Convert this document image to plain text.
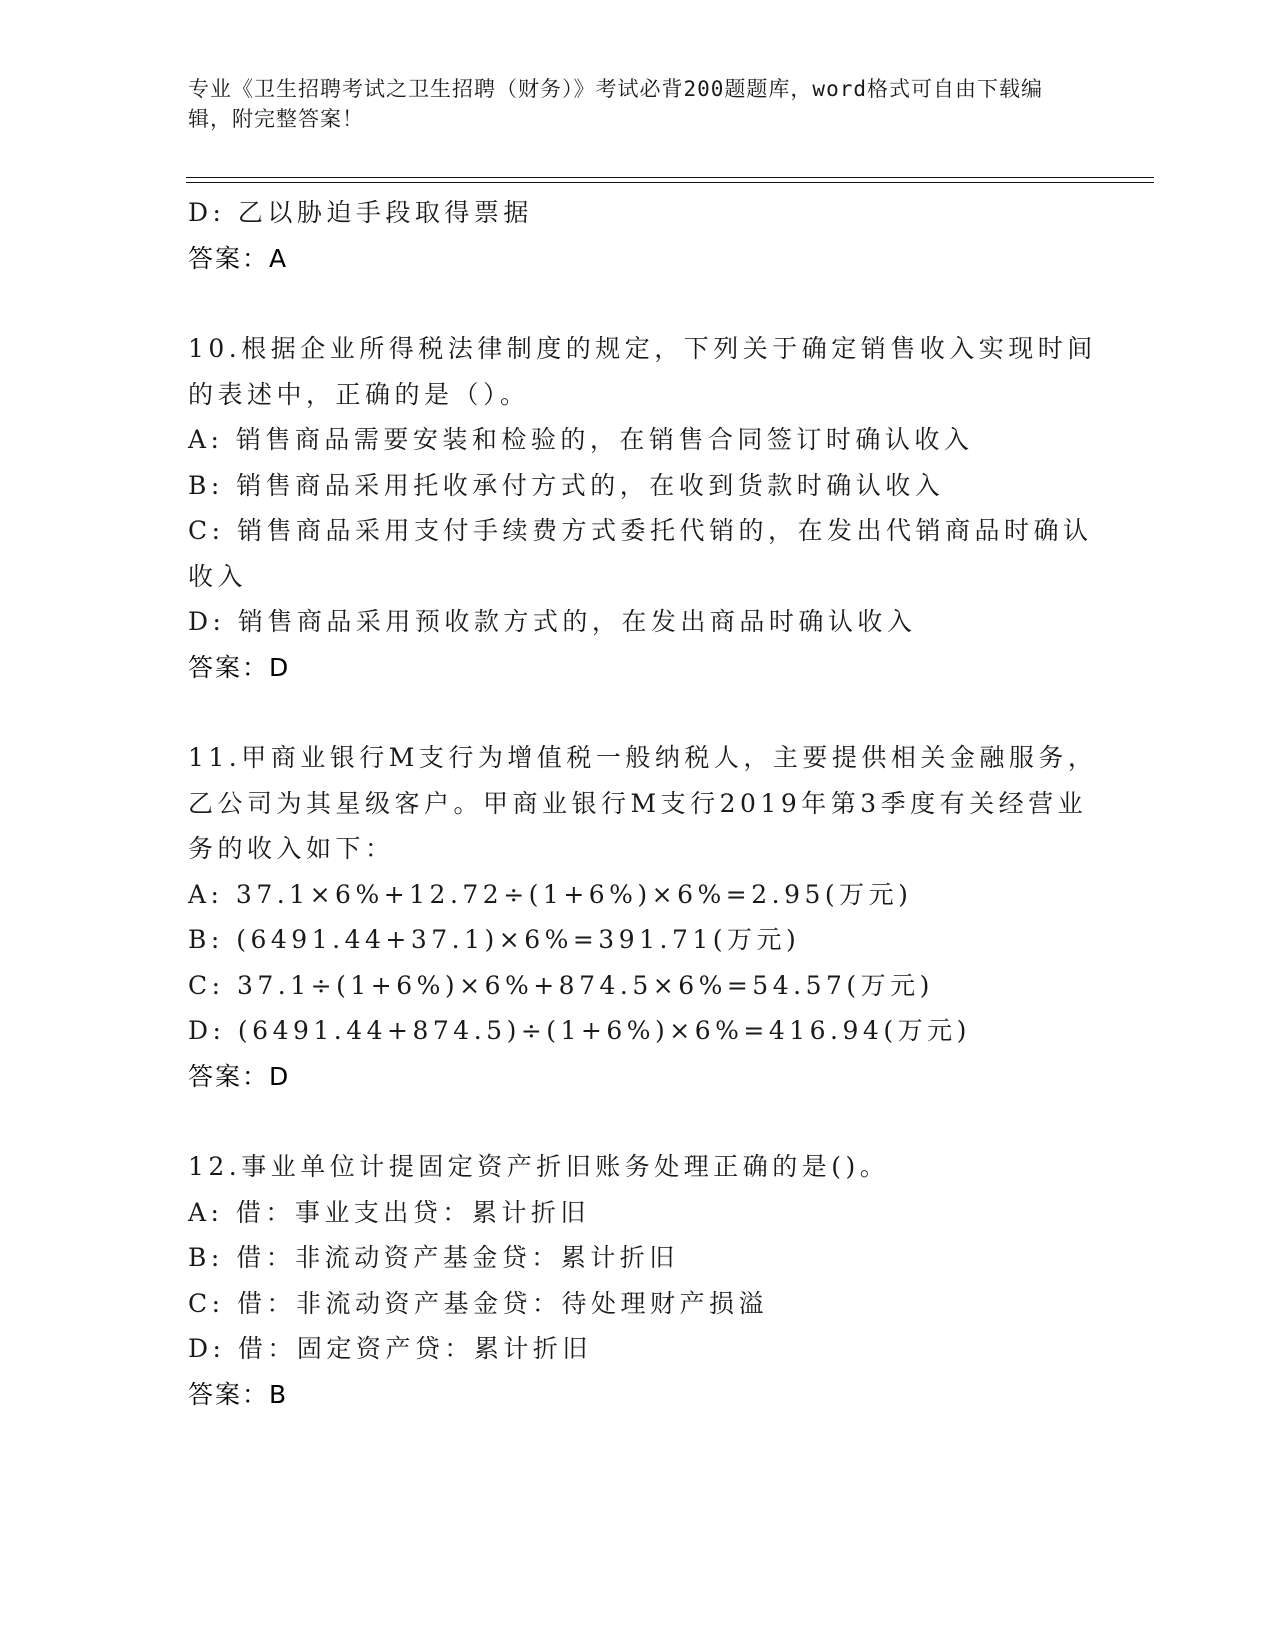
专业《卫生招聘考试之卫生招聘（财务）》考试必背200题题库，word格式可自由下载编辑，附完整答案！
D: 乙以胁迫手段取得票据
答案：A
10.根据企业所得税法律制度的规定，下列关于确定销售收入实现时间
的表述中，正确的是（）。
A: 销售商品需要安装和检验的，在销售合同签订时确认收入
B: 销售商品采用托收承付方式的，在收到货款时确认收入
C: 销售商品采用支付手续费方式委托代销的，在发出代销商品时确认
收入
D: 销售商品采用预收款方式的，在发出商品时确认收入
答案：D
11.甲商业银行M支行为增值税一般纳税人，主要提供相关金融服务，
乙公司为其星级客户。甲商业银行M支行2019年第3季度有关经营业
务的收入如下：
A: 37.1×6%+12.72÷(1+6%)×6%=2.95(万元)
B: (6491.44+37.1)×6%=391.71(万元)
C: 37.1÷(1+6%)×6%+874.5×6%=54.57(万元)
D: (6491.44+874.5)÷(1+6%)×6%=416.94(万元)
答案：D
12.事业单位计提固定资产折旧账务处理正确的是()。
A: 借：事业支出贷：累计折旧
B: 借：非流动资产基金贷：累计折旧
C: 借：非流动资产基金贷：待处理财产损溢
D: 借：固定资产贷：累计折旧
答案：B
